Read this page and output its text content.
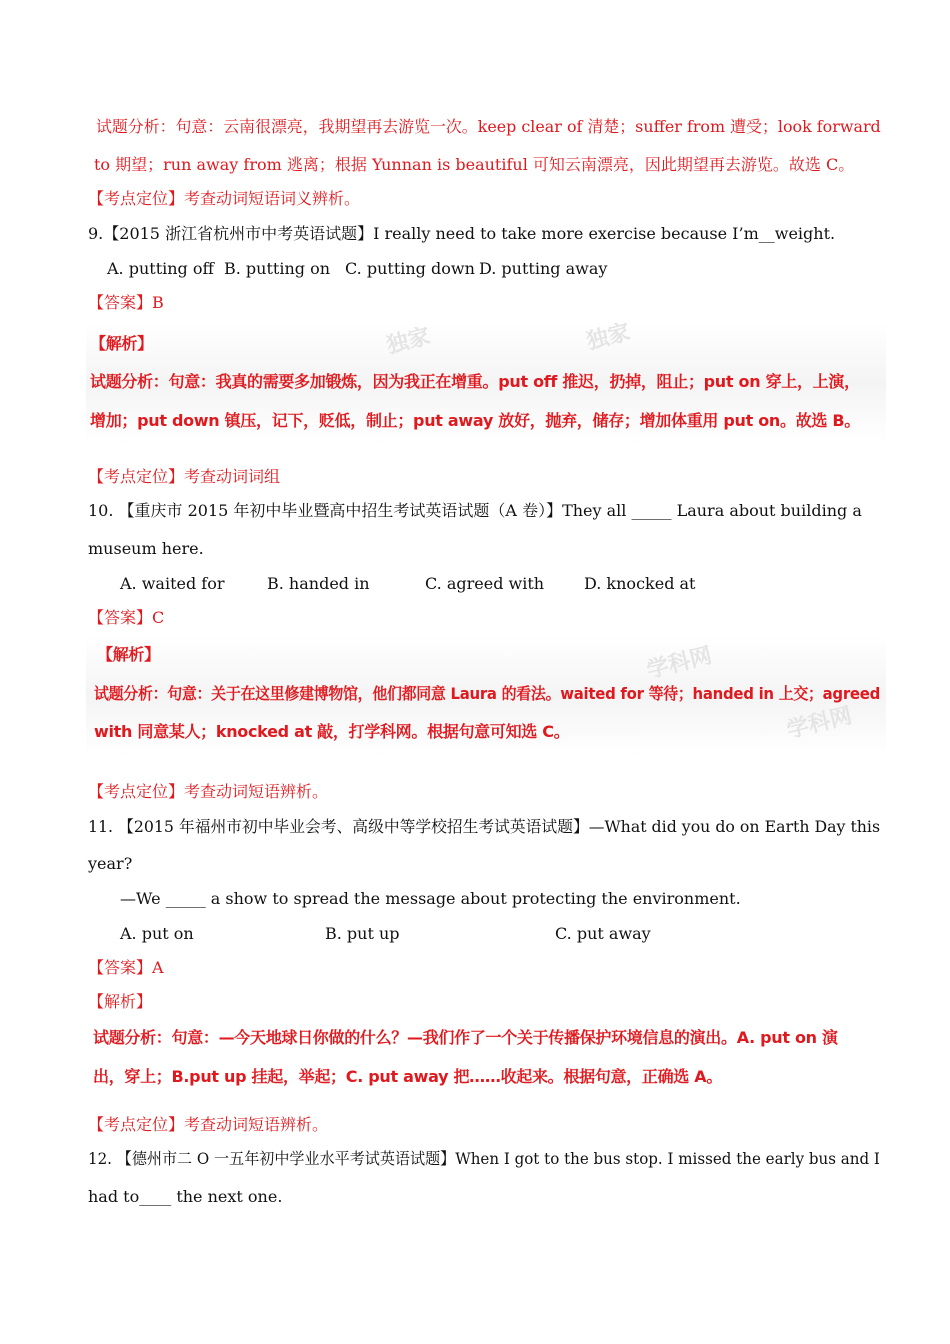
试题分析：句意：云南很漂亮，我期望再去游览一次。keep clear of 清楚；suffer from 遭受；look forward
to 期望；run away from 逃离；根据 Yunnan is beautiful 可知云南漂亮，因此期望再去游览。故选 C。
【考点定位】考查动词短语词义辨析。
9.【2015 浙江省杭州市中考英语试题】I really need to take more exercise because I’m__weight.
A. putting off B. putting on C. putting down D. putting away
【答案】B
独家	独家
【解析】
试题分析：句意：我真的需要多加锻炼，因为我正在增重。put off 推迟，扔掉，阻止；put on 穿上，上演，
增加；put down 镇压，记下，贬低，制止；put away 放好，抛弃，储存；增加体重用 put on。故选 B。
【考点定位】考查动词词组
10. 【重庆市 2015 年初中毕业暨高中招生考试英语试题（A 卷）】They all _____ Laura about building a
museum here.
A. waited for	B. handed in	C. agreed with D. knocked at
【答案】C
学科网
学科网
【解析】
试题分析：句意：关于在这里修建博物馆，他们都同意 Laura 的看法。waited for 等待；handed in 上交；agreed
with 同意某人；knocked at 敲，打学科网。根据句意可知选 C。
【考点定位】考查动词短语辨析。
11. 【2015 年福州市初中毕业会考、高级中等学校招生考试英语试题】—What did you do on Earth Day this
year?
—We _____ a show to spread the message about protecting the environment.
A. put on	B. put up	C. put away
【答案】A
【解析】
试题分析：句意：—今天地球日你做的什么？—我们作了一个关于传播保护环境信息的演出。A. put on 演
出，穿上；B.put up 挂起，举起；C. put away 把……收起来。根据句意，正确选 A。
【考点定位】考查动词短语辨析。
12. 【德州市二 O 一五年初中学业水平考试英语试题】When I got to the bus stop. I missed the early bus and I
had to____ the next one.
